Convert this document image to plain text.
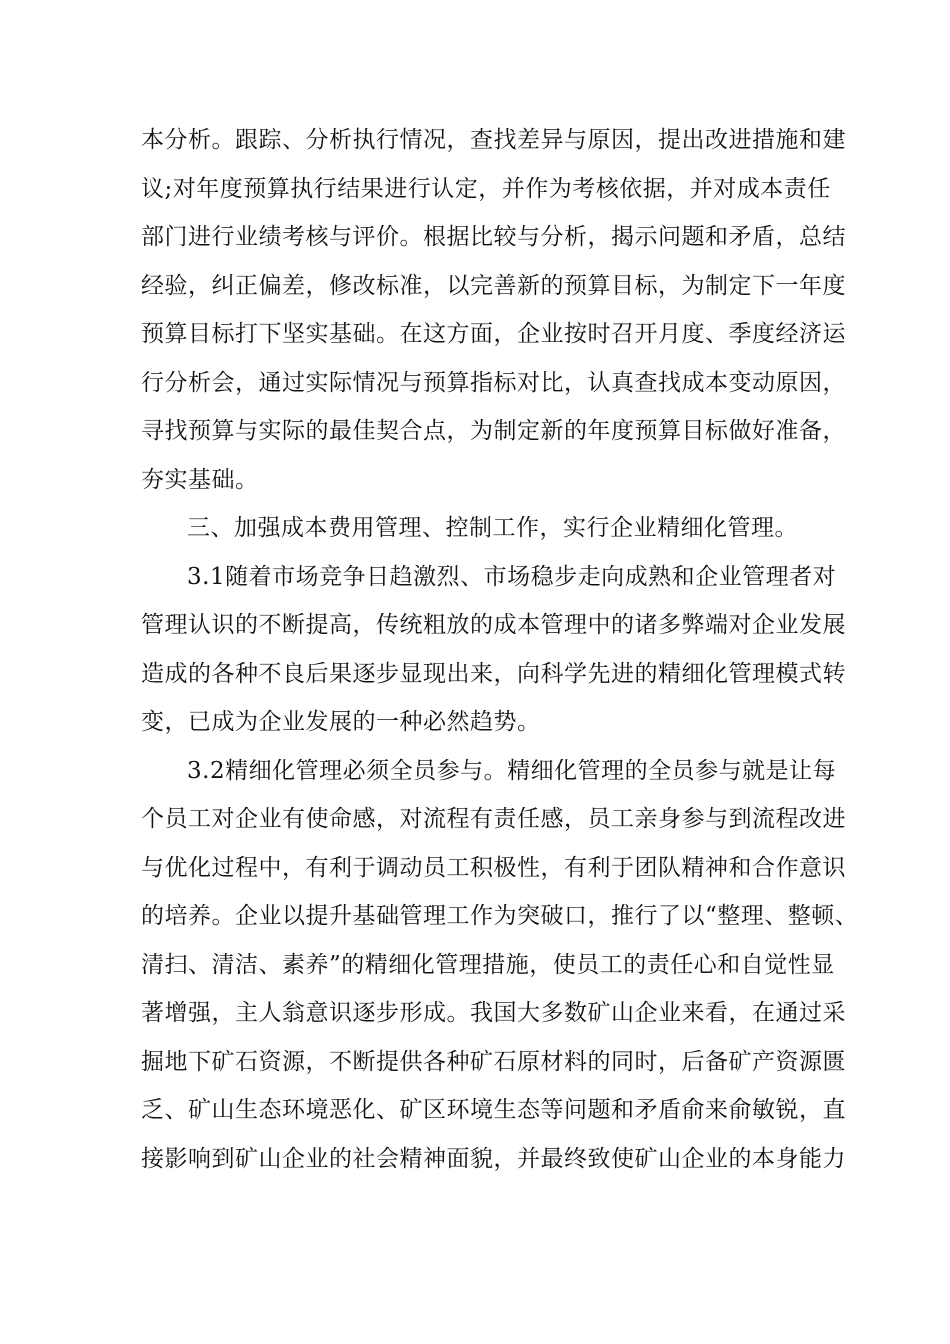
本分析。跟踪、分析执行情况，查找差异与原因，提出改进措施和建
议;对年度预算执行结果进行认定，并作为考核依据，并对成本责任
部门进行业绩考核与评价。根据比较与分析，揭示问题和矛盾，总结
经验，纠正偏差，修改标准，以完善新的预算目标，为制定下一年度
预算目标打下坚实基础。在这方面，企业按时召开月度、季度经济运
行分析会，通过实际情况与预算指标对比，认真查找成本变动原因，
寻找预算与实际的最佳契合点，为制定新的年度预算目标做好准备，
夯实基础。
三、加强成本费用管理、控制工作，实行企业精细化管理。
3.1随着市场竞争日趋激烈、市场稳步走向成熟和企业管理者对
管理认识的不断提高，传统粗放的成本管理中的诸多弊端对企业发展
造成的各种不良后果逐步显现出来，向科学先进的精细化管理模式转
变，已成为企业发展的一种必然趋势。
3.2精细化管理必须全员参与。精细化管理的全员参与就是让每
个员工对企业有使命感，对流程有责任感，员工亲身参与到流程改进
与优化过程中，有利于调动员工积极性，有利于团队精神和合作意识
的培养。企业以提升基础管理工作为突破口，推行了以“整理、整顿、
清扫、清洁、素养”的精细化管理措施，使员工的责任心和自觉性显
著增强，主人翁意识逐步形成。我国大多数矿山企业来看，在通过采
掘地下矿石资源，不断提供各种矿石原材料的同时，后备矿产资源匮
乏、矿山生态环境恶化、矿区环境生态等问题和矛盾俞来俞敏锐，直
接影响到矿山企业的社会精神面貌，并最终致使矿山企业的本身能力
